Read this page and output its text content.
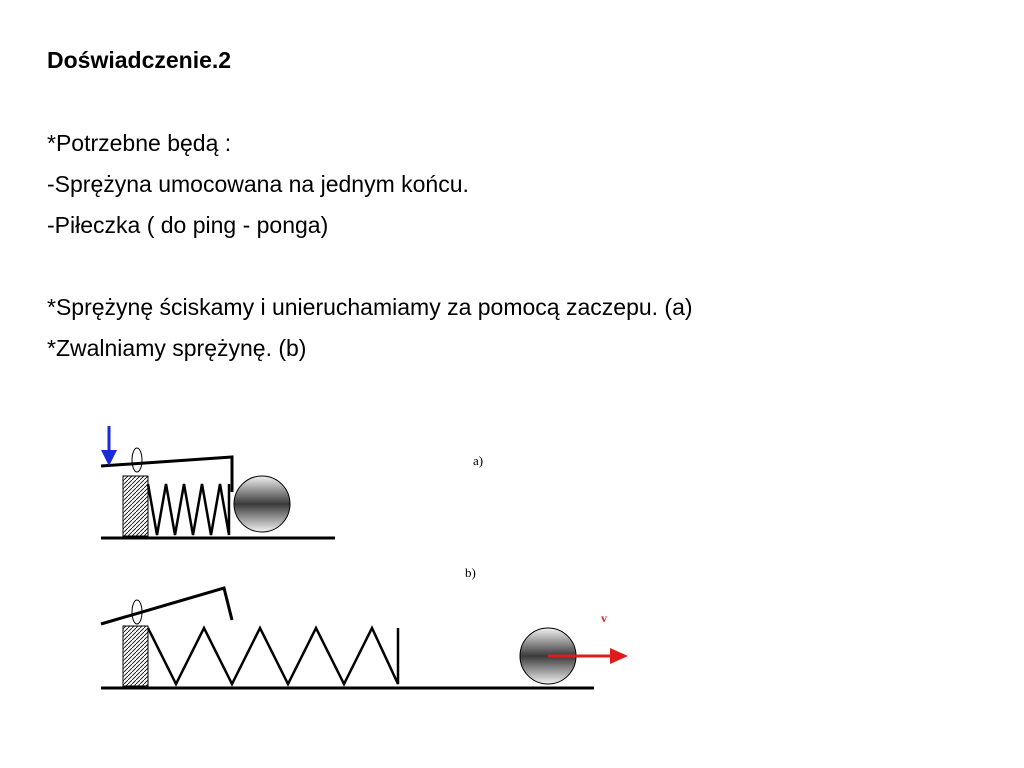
Doświadczenie.2
*Potrzebne będą :
-Sprężyna umocowana na jednym końcu.
-Piłeczka ( do ping - ponga)
*Sprężynę ściskamy i unieruchamiamy za pomocą zaczepu. (a)
*Zwalniamy sprężynę. (b)
a)
v
b)
